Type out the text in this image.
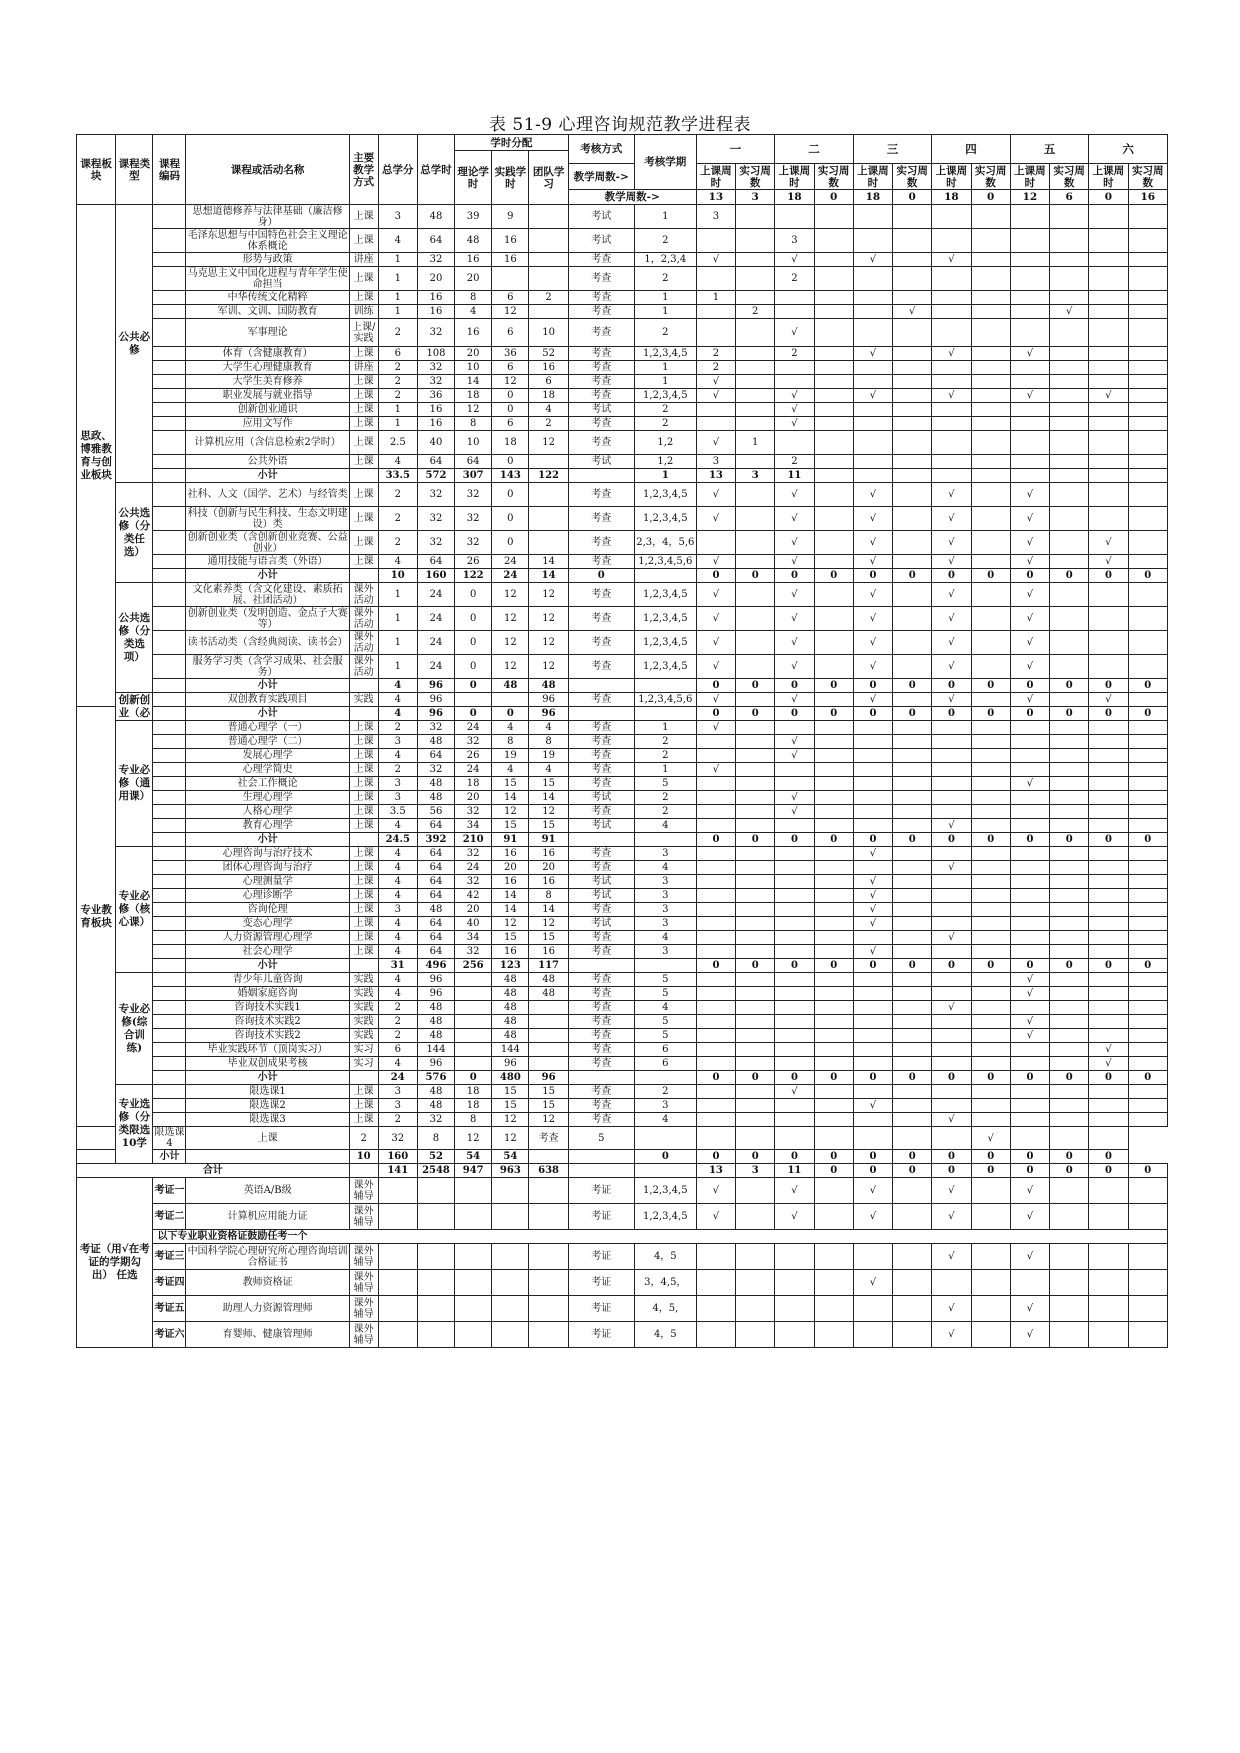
表 51-9 心理咨询规范教学进程表
课程板块	课程类型	课程编码	课程或活动名称	主要教学方式	总学分	总学时	学时分配			考核方式	考核学期	一		二		三		四		五		六	
							理论学时	实践学时	团队学习														
										教学周数->		上课周时	实习周数	上课周时	实习周数	上课周时	实习周数	上课周时	实习周数	上课周时	实习周数	上课周时	实习周数
										教学周数->		13	3	18	0	18	0	18	0	12	6	0	16
思政、博雅教育与创业板块	公共必修		思想道德修养与法律基础（廉洁修身）	上课	3	48	39	9		考试	1	3											
			毛泽东思想与中国特色社会主义理论体系概论	上课	4	64	48	16		考试	2			3									
			形势与政策	讲座	1	32	16	16		考查	1，2,3,4	√		√		√		√					
			马克思主义中国化进程与青年学生使命担当	上课	1	20	20			考查	2			2									
			中华传统文化精粹	上课	1	16	8	6	2	考查	1	1											
			军训、文训、国防教育	训练	1	16	4	12		考查	1		2				√				√		
			军事理论	上课/实践	2	32	16	6	10	考查	2			√									
			体育（含健康教育）	上课	6	108	20	36	52	考查	1,2,3,4,5	2		2		√		√		√			
			大学生心理健康教育	讲座	2	32	10	6	16	考查	1	2											
			大学生美育修养	上课	2	32	14	12	6	考查	1	√											
			职业发展与就业指导	上课	2	36	18	0	18	考查	1,2,3,4,5	√		√		√		√		√		√	
			创新创业通识	上课	1	16	12	0	4	考试	2			√									
			应用文写作	上课	1	16	8	6	2	考查	2			√									
			计算机应用（含信息检索2学时）	上课	2.5	40	10	18	12	考查	1,2	√	1										
			公共外语	上课	4	64	64	0		考试	1,2	3		2									
			小计		33.5	572	307	143	122		1	13	3	11									
	公共选修（分类任选）		社科、人文（国学、艺术）与经管类	上课	2	32	32	0		考查	1,2,3,4,5	√		√		√		√		√			
			科技（创新与民生科技、生态文明建设）类	上课	2	32	32	0		考查	1,2,3,4,5	√		√		√		√		√			
			创新创业类（含创新创业竞赛、公益创业）	上课	2	32	32	0		考查	2,3，4，5,6			√		√		√		√		√	
			通用技能与语言类（外语）	上课	4	64	26	24	14	考查	1,2,3,4,5,6	√		√		√		√		√		√	
			小计		10	160	122	24	14	0		0	0	0	0	0	0	0	0	0	0	0	0
	公共选修（分类选项）		文化素养类（含文化建设、素质拓展、社团活动）	课外活动	1	24	0	12	12	考查	1,2,3,4,5	√		√		√		√		√			
			创新创业类（发明创造、金点子大赛等）	课外活动	1	24	0	12	12	考查	1,2,3,4,5	√		√		√		√		√			
			读书活动类（含经典阅读、读书会）	课外活动	1	24	0	12	12	考查	1,2,3,4,5	√		√		√		√		√			
			服务学习类（含学习成果、社会服务）	课外活动	1	24	0	12	12	考查	1,2,3,4,5	√		√		√		√		√			
			小计		4	96	0	48	48			0	0	0	0	0	0	0	0	0	0	0	0
	创新创业（必		双创教育实践项目	实践	4	96			96	考查	1,2,3,4,5,6	√		√		√		√		√		√	
专业教育板块			小计		4	96	0	0	96			0	0	0	0	0	0	0	0	0	0	0	0
	专业必修（通用课）		普通心理学（一）	上课	2	32	24	4	4	考查	1	√											
			普通心理学（二）	上课	3	48	32	8	8	考查	2			√									
			发展心理学	上课	4	64	26	19	19	考查	2			√									
			心理学简史	上课	2	32	24	4	4	考查	1	√											
			社会工作概论	上课	3	48	18	15	15	考查	5									√			
			生理心理学	上课	3	48	20	14	14	考试	2			√									
			人格心理学	上课	3.5	56	32	12	12	考查	2			√									
			教育心理学	上课	4	64	34	15	15	考试	4							√					
			小计		24.5	392	210	91	91			0	0	0	0	0	0	0	0	0	0	0	0
	专业必修（核心课）		心理咨询与治疗技术	上课	4	64	32	16	16	考查	3					√							
			团体心理咨询与治疗	上课	4	64	24	20	20	考查	4							√					
			心理测量学	上课	4	64	32	16	16	考试	3					√							
			心理诊断学	上课	4	64	42	14	8	考试	3					√							
			咨询伦理	上课	3	48	20	14	14	考查	3					√							
			变态心理学	上课	4	64	40	12	12	考试	3					√							
			人力资源管理心理学	上课	4	64	34	15	15	考查	4							√					
			社会心理学	上课	4	64	32	16	16	考查	3					√							
			小计		31	496	256	123	117			0	0	0	0	0	0	0	0	0	0	0	0
	专业必修(综合训练)		青少年儿童咨询	实践	4	96		48	48	考查	5									√			
			婚姻家庭咨询	实践	4	96		48	48	考查	5									√			
			咨询技术实践1	实践	2	48		48		考查	4							√					
			咨询技术实践2	实践	2	48		48		考查	5									√			
			咨询技术实践2	实践	2	48		48		考查	5									√			
			毕业实践环节（顶岗实习）	实习	6	144		144		考查	6											√	
			毕业双创成果考核	实习	4	96		96		考查	6											√	
			小计		24	576	0	480	96			0	0	0	0	0	0	0	0	0	0	0	0
	专业选修（分类限选10学		限选课1	上课	3	48	18	15	15	考查	2			√									
			限选课2	上课	3	48	18	15	15	考查	3					√							
			限选课3	上课	2	32	8	12	12	考查	4							√					
		限选课4	上课	2	32	8	12	12	考查	5									√				
		小计		10	160	52	54	54			0	0	0	0	0	0	0	0	0	0	0	0	
合计					141	2548	947	963	638			13	3	11	0	0	0	0	0	0	0	0	0
考证（用√在考证的学期勾出） 任选		考证一	英语A/B级	课外辅导						考证	1,2,3,4,5	√		√		√		√		√			
		考证二	计算机应用能力证	课外辅导						考证	1,2,3,4,5	√		√		√		√		√			
		以下专业职业资格证鼓励任考一个																					
		考证三	中国科学院心理研究所心理咨询培训合格证书	课外辅导						考证	4，5							√		√			
		考证四	教师资格证	课外辅导						考证	3，4,5，					√							
		考证五	助理人力资源管理师	课外辅导						考证	4，5,							√		√			
		考证六	育婴师、健康管理师	课外辅导						考证	4，5							√		√			
